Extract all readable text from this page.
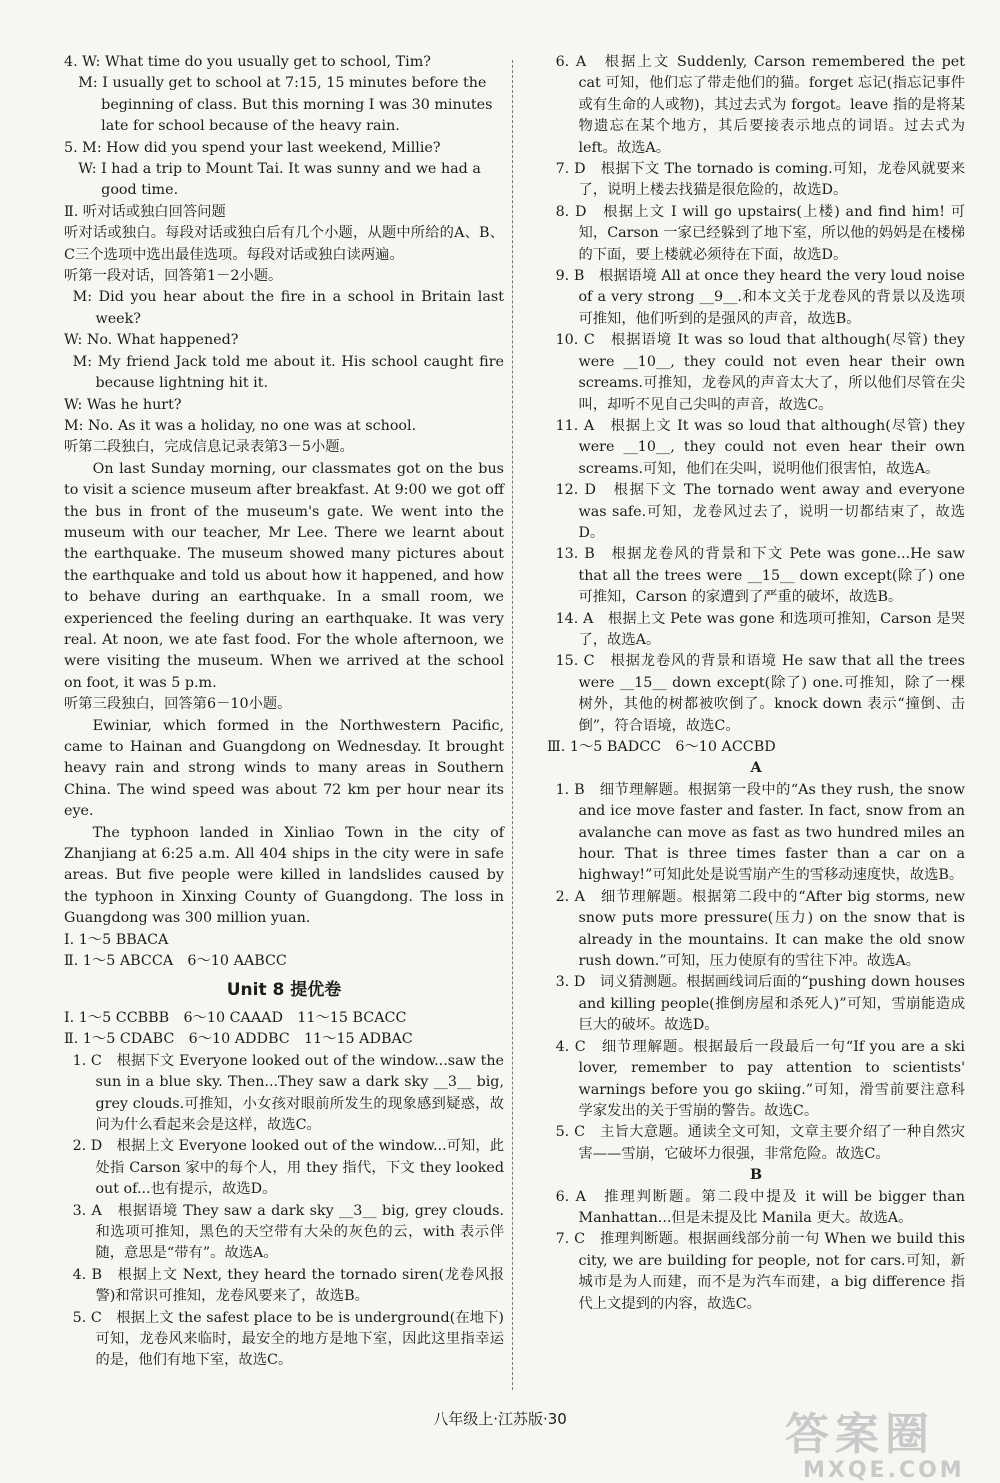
4. W: What time do you usually get to school, Tim?
M: I usually get to school at 7:15, 15 minutes before the beginning of class. But this morning I was 30 minutes late for school because of the heavy rain.
5. M: How did you spend your last weekend, Millie?
W: I had a trip to Mount Tai. It was sunny and we had a good time.
Ⅱ. 听对话或独白回答问题
听对话或独白。每段对话或独白后有几个小题，从题中所给的A、B、C三个选项中选出最佳选项。每段对话或独白读两遍。
听第一段对话，回答第1－2小题。
M: Did you hear about the fire in a school in Britain last week?
W: No. What happened?
M: My friend Jack told me about it. His school caught fire because lightning hit it.
W: Was he hurt?
M: No. As it was a holiday, no one was at school.
听第二段独白，完成信息记录表第3－5小题。
On last Sunday morning, our classmates got on the bus to visit a science museum after breakfast. At 9:00 we got off the bus in front of the museum's gate. We went into the museum with our teacher, Mr Lee. There we learnt about the earthquake. The museum showed many pictures about the earthquake and told us about how it happened, and how to behave during an earthquake. In a small room, we experienced the feeling during an earthquake. It was very real. At noon, we ate fast food. For the whole afternoon, we were visiting the museum. When we arrived at the school on foot, it was 5 p.m.
听第三段独白，回答第6－10小题。
Ewiniar, which formed in the Northwestern Pacific, came to Hainan and Guangdong on Wednesday. It brought heavy rain and strong winds to many areas in Southern China. The wind speed was about 72 km per hour near its eye.
The typhoon landed in Xinliao Town in the city of Zhanjiang at 6:25 a.m. All 404 ships in the city were in safe areas. But five people were killed in landslides caused by the typhoon in Xinxing County of Guangdong. The loss in Guangdong was 300 million yuan.
Ⅰ. 1～5 BBACA
Ⅱ. 1～5 ABCCA　6～10 AABCC
Unit 8 提优卷
Ⅰ. 1～5 CCBBB　6～10 CAAAD　11～15 BCACC
Ⅱ. 1～5 CDABC　6～10 ADDBC　11～15 ADBAC
1. C　根据下文 Everyone looked out of the window...saw the sun in a blue sky. Then...They saw a dark sky __3__ big, grey clouds.可推知，小女孩对眼前所发生的现象感到疑惑，故问为什么看起来会是这样，故选C。
2. D　根据上文 Everyone looked out of the window...可知，此处指 Carson 家中的每个人，用 they 指代，下文 they looked out of...也有提示，故选D。
3. A　根据语境 They saw a dark sky __3__ big, grey clouds.和选项可推知，黑色的天空带有大朵的灰色的云，with 表示伴随，意思是“带有”。故选A。
4. B　根据上文 Next, they heard the tornado siren(龙卷风报警)和常识可推知，龙卷风要来了，故选B。
5. C　根据上文 the safest place to be is underground(在地下)可知，龙卷风来临时，最安全的地方是地下室，因此这里指幸运的是，他们有地下室，故选C。
6. A　根据上文 Suddenly, Carson remembered the pet cat 可知，他们忘了带走他们的猫。forget 忘记(指忘记事件或有生命的人或物)，其过去式为 forgot。leave 指的是将某物遗忘在某个地方，其后要接表示地点的词语。过去式为 left。故选A。
7. D　根据下文 The tornado is coming.可知，龙卷风就要来了，说明上楼去找猫是很危险的，故选D。
8. D　根据上文 I will go upstairs(上楼) and find him! 可知，Carson 一家已经躲到了地下室，所以他的妈妈是在楼梯的下面，要上楼就必须待在下面，故选D。
9. B　根据语境 All at once they heard the very loud noise of a very strong __9__.和本文关于龙卷风的背景以及选项可推知，他们听到的是强风的声音，故选B。
10. C　根据语境 It was so loud that although(尽管) they were __10__, they could not even hear their own screams.可推知，龙卷风的声音太大了，所以他们尽管在尖叫，却听不见自己尖叫的声音，故选C。
11. A　根据上文 It was so loud that although(尽管) they were __10__, they could not even hear their own screams.可知，他们在尖叫，说明他们很害怕，故选A。
12. D　根据下文 The tornado went away and everyone was safe.可知，龙卷风过去了，说明一切都结束了，故选D。
13. B　根据龙卷风的背景和下文 Pete was gone...He saw that all the trees were __15__ down except(除了) one 可推知，Carson 的家遭到了严重的破坏，故选B。
14. A　根据上文 Pete was gone 和选项可推知，Carson 是哭了，故选A。
15. C　根据龙卷风的背景和语境 He saw that all the trees were __15__ down except(除了) one.可推知，除了一棵树外，其他的树都被吹倒了。knock down 表示“撞倒、击倒”，符合语境，故选C。
Ⅲ. 1～5 BADCC　6～10 ACCBD
A
1. B　细节理解题。根据第一段中的“As they rush, the snow and ice move faster and faster. In fact, snow from an avalanche can move as fast as two hundred miles an hour. That is three times faster than a car on a highway!”可知此处是说雪崩产生的雪移动速度快，故选B。
2. A　细节理解题。根据第二段中的“After big storms, new snow puts more pressure(压力) on the snow that is already in the mountains. It can make the old snow rush down.”可知，压力使原有的雪往下冲。故选A。
3. D　词义猜测题。根据画线词后面的“pushing down houses and killing people(推倒房屋和杀死人)”可知，雪崩能造成巨大的破坏。故选D。
4. C　细节理解题。根据最后一段最后一句“If you are a ski lover, remember to pay attention to scientists' warnings before you go skiing.”可知，滑雪前要注意科学家发出的关于雪崩的警告。故选C。
5. C　主旨大意题。通读全文可知，文章主要介绍了一种自然灾害——雪崩，它破坏力很强，非常危险。故选C。
B
6. A　推理判断题。第二段中提及 it will be bigger than Manhattan...但是未提及比 Manila 更大。故选A。
7. C　推理判断题。根据画线部分前一句 When we build this city, we are building for people, not for cars.可知，新城市是为人而建，而不是为汽车而建，a big difference 指代上文提到的内容，故选C。
八年级上·江苏版·30	答案圈
MXQE.COM
